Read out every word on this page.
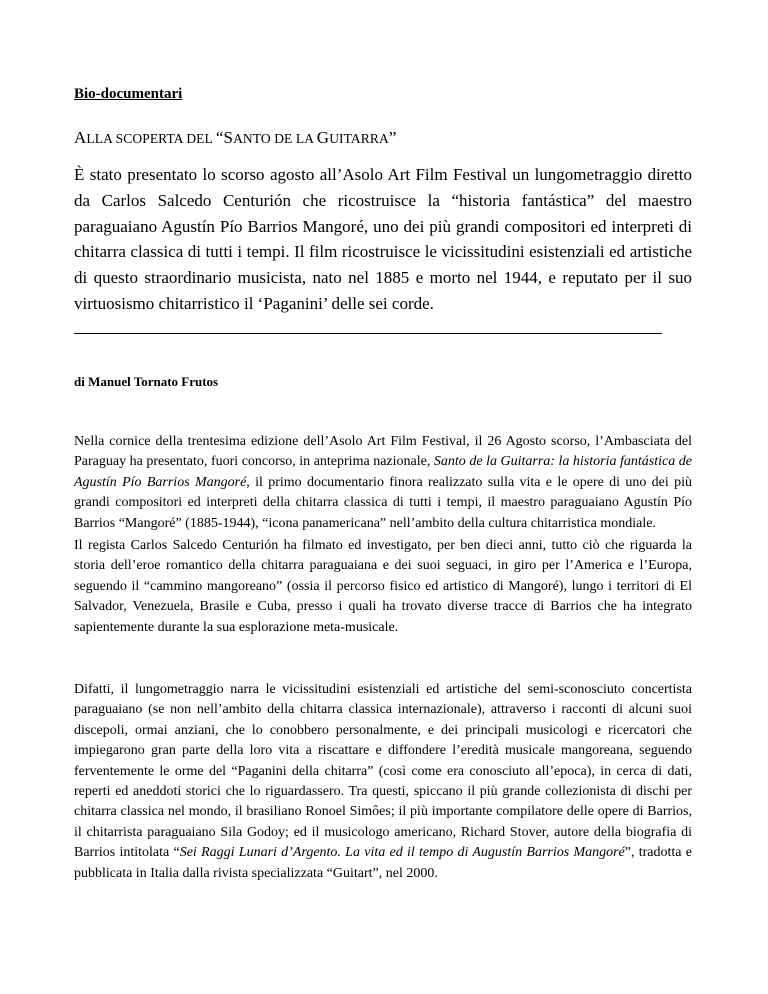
Bio-documentari
ALLA SCOPERTA DEL “SANTO DE LA GUITARRA”

È stato presentato lo scorso agosto all’Asolo Art Film Festival un lungometraggio diretto da Carlos Salcedo Centurión che ricostruisce la “historia fantástica” del maestro paraguaiano Agustín Pío Barrios Mangoré, uno dei più grandi compositori ed interpreti di chitarra classica di tutti i tempi. Il film ricostruisce le vicissitudini esistenziali ed artistiche di questo straordinario musicista, nato nel 1885 e morto nel 1944, e reputato per il suo virtuosismo chitarristico il ‘Paganini’ delle sei corde.

di Manuel Tornato Frutos

Nella cornice della trentesima edizione dell’Asolo Art Film Festival, il 26 Agosto scorso, l’Ambasciata del Paraguay ha presentato, fuori concorso, in anteprima nazionale, Santo de la Guitarra: la historia fantástica de Agustín Pío Barrios Mangoré, il primo documentario finora realizzato sulla vita e le opere di uno dei più grandi compositori ed interpreti della chitarra classica di tutti i tempi, il maestro paraguaiano Agustín Pío Barrios “Mangoré” (1885-1944), “icona panamericana” nell’ambito della cultura chitarristica mondiale.

Il regista Carlos Salcedo Centurión ha filmato ed investigato, per ben dieci anni, tutto ciò che riguarda la storia dell’eroe romantico della chitarra paraguaiana e dei suoi seguaci, in giro per l’America e l’Europa, seguendo il “cammino mangoreano” (ossia il percorso fisico ed artistico di Mangoré), lungo i territori di El Salvador, Venezuela, Brasile e Cuba, presso i quali ha trovato diverse tracce di Barrios che ha integrato sapientemente durante la sua esplorazione meta-musicale.

Difatti, il lungometraggio narra le vicissitudini esistenziali ed artistiche del semi-sconosciuto concertista paraguaiano (se non nell’ambito della chitarra classica internazionale), attraverso i racconti di alcuni suoi discepoli, ormai anziani, che lo conobbero personalmente, e dei principali musicologi e ricercatori che impiegarono gran parte della loro vita a riscattare e diffondere l’eredità musicale mangoreana, seguendo ferventemente le orme del “Paganini della chitarra” (così come era conosciuto all’epoca), in cerca di dati, reperti ed aneddoti storici che lo riguardassero. Tra questi, spiccano il più grande collezionista di dischi per chitarra classica nel mondo, il brasiliano Ronoel Simôes; il più importante compilatore delle opere di Barrios, il chitarrista paraguaiano Sila Godoy; ed il musicologo americano, Richard Stover, autore della biografia di Barrios intitolata “Sei Raggi Lunari d’Argento. La vita ed il tempo di Augustín Barrios Mangoré”, tradotta e pubblicata in Italia dalla rivista specializzata “Guitart”, nel 2000.
